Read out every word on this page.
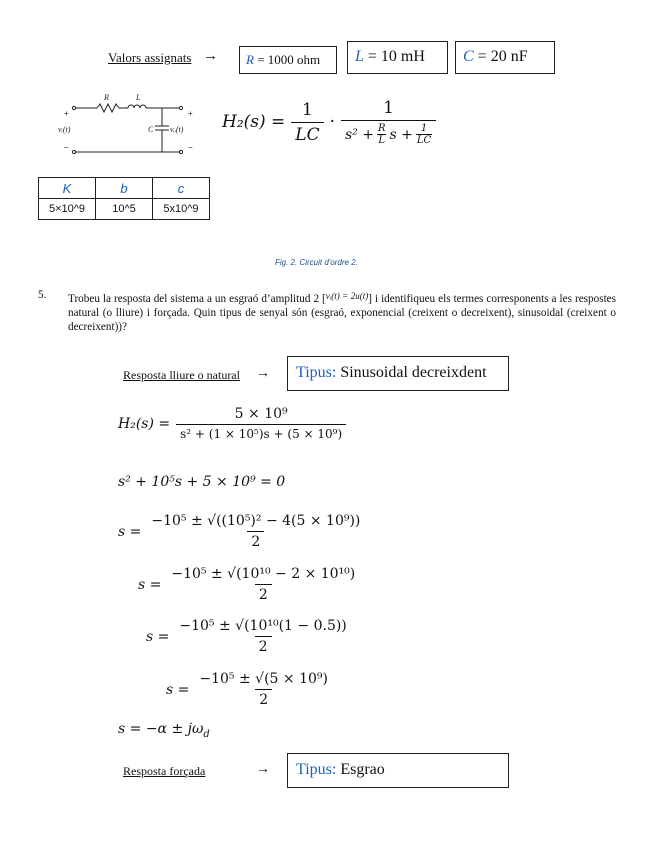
Valors assignats → R = 1000 ohm L = 10 mH C = 20 nF
R	L
C
vᵢ(t)	vₒ(t)
+
−
+
−
$H_2(s) = \frac{1}{LC}$ ·
1
$s^2 + \frac{R}{L}$ $s + \frac{1}{LC}$
K	b	c
5×10^9	10^5	5x10^9
Fig. 2. Circuit d'ordre 2.
5. Trobeu la resposta del sistema a un esgraó d’amplitud 2 [$^{vᵢ(t) = 2u(t)}$] i identifiqueu els termes corresponents a les respostes natural (o lliure) i forçada. Quin tipus de senyal són (esgraó, exponencial (creixent o decreixent), sinusoidal (creixent o decreixent))?
Resposta lliure o natural → Tipus: Sinusoidal decreixdent
$H_2(s) = \frac{\text{5 × 10⁹}}{\text{s² + (1 × 10⁵)s + (5 × 10⁹)}}$
s² + 10⁵s + 5 × 10⁹ = 0
$s = \frac{\text{−10⁵ ± √((10⁵)² − 4(5 × 10⁹))}}{2}$
$s = \frac{\text{−10⁵ ± √(10¹⁰ − 2 × 10¹⁰)}}{2}$
$s = \frac{\text{−10⁵ ± √(10¹⁰(1 − 0.5))}}{2}$
$s = \frac{\text{−10⁵ ± √(5 × 10⁹)}}{2}$
$s = -\alpha \pm j\omega_d$
Resposta forçada	→ Tipus: Esgrao
